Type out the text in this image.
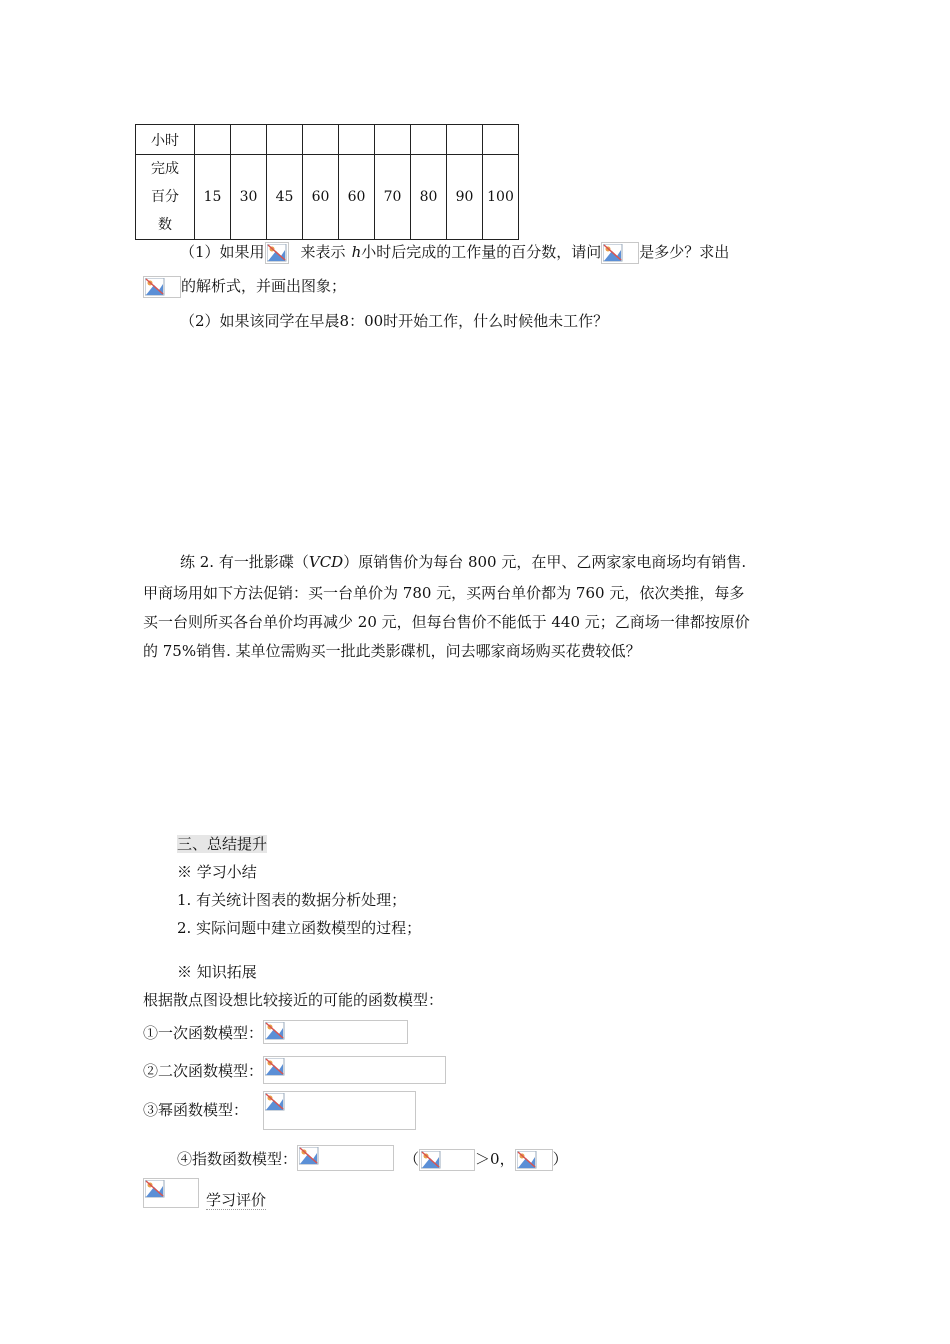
小时									

完成
百分
数	15	30	45	60	60	70	80	90	100
（1）如果用 来表示 h小时后完成的工作量的百分数，请问	是多少？求出
的解析式，并画出图象；
（2）如果该同学在早晨8：00时开始工作，什么时候他未工作？
练 2. 有一批影碟（VCD）原销售价为每台 800 元，在甲、乙两家家电商场均有销售.
甲商场用如下方法促销：买一台单价为 780 元，买两台单价都为 760 元，依次类推，每多
买一台则所买各台单价均再减少 20 元，但每台售价不能低于 440 元；乙商场一律都按原价
的 75%销售. 某单位需购买一批此类影碟机，问去哪家商场购买花费较低？
三、总结提升
※ 学习小结
1. 有关统计图表的数据分析处理；
2. 实际问题中建立函数模型的过程；
※ 知识拓展
根据散点图设想比较接近的可能的函数模型：
①一次函数模型：
②二次函数模型：
③幂函数模型：
④指数函数模型：	（	＞0，	）
学习评价
